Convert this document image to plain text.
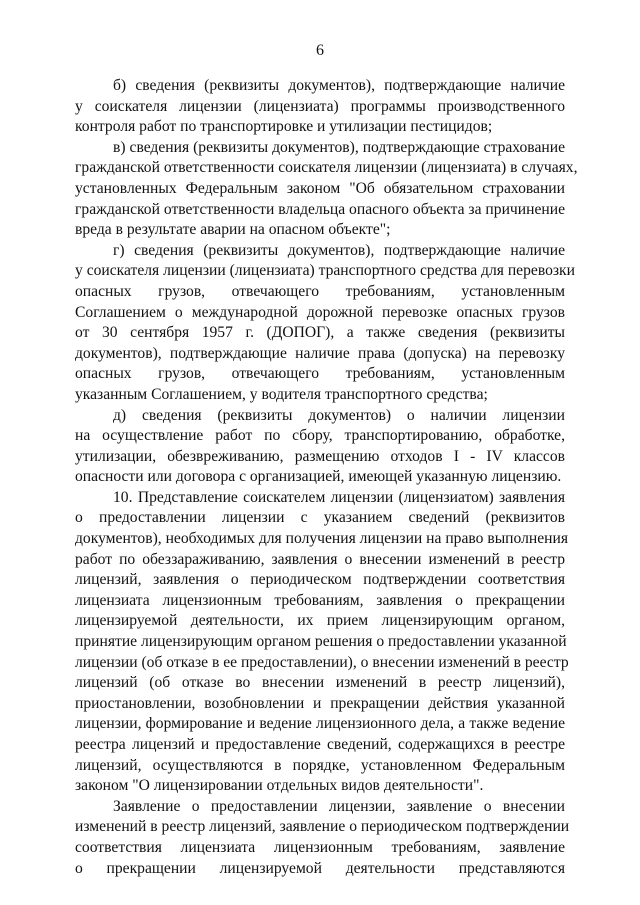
6
б) сведения (реквизиты документов), подтверждающие наличие
у соискателя лицензии (лицензиата) программы производственного
контроля работ по транспортировке и утилизации пестицидов;
в) сведения (реквизиты документов), подтверждающие страхование
гражданской ответственности соискателя лицензии (лицензиата) в случаях,
установленных Федеральным законом "Об обязательном страховании
гражданской ответственности владельца опасного объекта за причинение
вреда в результате аварии на опасном объекте";
г) сведения (реквизиты документов), подтверждающие наличие
у соискателя лицензии (лицензиата) транспортного средства для перевозки
опасных грузов, отвечающего требованиям, установленным
Соглашением о международной дорожной перевозке опасных грузов
от 30 сентября 1957 г. (ДОПОГ), а также сведения (реквизиты
документов), подтверждающие наличие права (допуска) на перевозку
опасных грузов, отвечающего требованиям, установленным
указанным Соглашением, у водителя транспортного средства;
д) сведения (реквизиты документов) о наличии лицензии
на осуществление работ по сбору, транспортированию, обработке,
утилизации, обезвреживанию, размещению отходов I - IV классов
опасности или договора с организацией, имеющей указанную лицензию.
10. Представление соискателем лицензии (лицензиатом) заявления
о предоставлении лицензии с указанием сведений (реквизитов
документов), необходимых для получения лицензии на право выполнения
работ по обеззараживанию, заявления о внесении изменений в реестр
лицензий, заявления о периодическом подтверждении соответствия
лицензиата лицензионным требованиям, заявления о прекращении
лицензируемой деятельности, их прием лицензирующим органом,
принятие лицензирующим органом решения о предоставлении указанной
лицензии (об отказе в ее предоставлении), о внесении изменений в реестр
лицензий (об отказе во внесении изменений в реестр лицензий),
приостановлении, возобновлении и прекращении действия указанной
лицензии, формирование и ведение лицензионного дела, а также ведение
реестра лицензий и предоставление сведений, содержащихся в реестре
лицензий, осуществляются в порядке, установленном Федеральным
законом "О лицензировании отдельных видов деятельности".
Заявление о предоставлении лицензии, заявление о внесении
изменений в реестр лицензий, заявление о периодическом подтверждении
соответствия лицензиата лицензионным требованиям, заявление
о прекращении лицензируемой деятельности представляются
